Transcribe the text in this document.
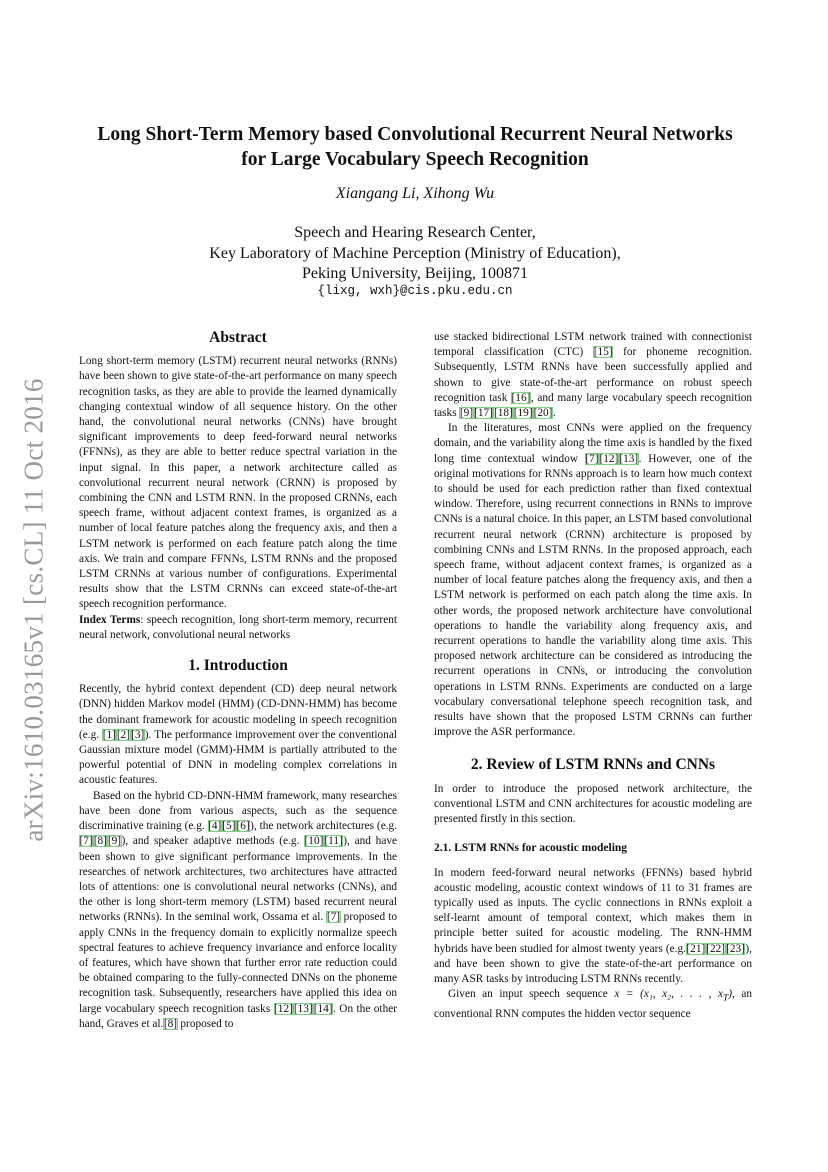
arXiv:1610.03165v1 [cs.CL] 11 Oct 2016
Long Short-Term Memory based Convolutional Recurrent Neural Networks
for Large Vocabulary Speech Recognition
Xiangang Li, Xihong Wu
Speech and Hearing Research Center,
Key Laboratory of Machine Perception (Ministry of Education),
Peking University, Beijing, 100871
{lixg, wxh}@cis.pku.edu.cn

Abstract

Long short-term memory (LSTM) recurrent neural networks (RNNs) have been shown to give state-of-the-art performance on many speech recognition tasks, as they are able to provide the learned dynamically changing contextual window of all sequence history. On the other hand, the convolutional neural networks (CNNs) have brought significant improvements to deep feed-forward neural networks (FFNNs), as they are able to better reduce spectral variation in the input signal. In this paper, a network architecture called as convolutional recurrent neural network (CRNN) is proposed by combining the CNN and LSTM RNN. In the proposed CRNNs, each speech frame, without adjacent context frames, is organized as a number of local feature patches along the frequency axis, and then a LSTM network is performed on each feature patch along the time axis. We train and compare FFNNs, LSTM RNNs and the proposed LSTM CRNNs at various number of configurations. Experimental results show that the LSTM CRNNs can exceed state-of-the-art speech recognition performance.

Index Terms: speech recognition, long short-term memory, recurrent neural network, convolutional neural networks

1. Introduction

Recently, the hybrid context dependent (CD) deep neural network (DNN) hidden Markov model (HMM) (CD-DNN-HMM) has become the dominant framework for acoustic modeling in speech recognition (e.g. [1][2][3]). The performance improvement over the conventional Gaussian mixture model (GMM)-HMM is partially attributed to the powerful potential of DNN in modeling complex correlations in acoustic features.

Based on the hybrid CD-DNN-HMM framework, many researches have been done from various aspects, such as the sequence discriminative training (e.g. [4][5][6]), the network architectures (e.g. [7][8][9]), and speaker adaptive methods (e.g. [10][11]), and have been shown to give significant performance improvements. In the researches of network architectures, two architectures have attracted lots of attentions: one is convolutional neural networks (CNNs), and the other is long short-term memory (LSTM) based recurrent neural networks (RNNs). In the seminal work, Ossama et al. [7] proposed to apply CNNs in the frequency domain to explicitly normalize speech spectral features to achieve frequency invariance and enforce locality of features, which have shown that further error rate reduction could be obtained comparing to the fully-connected DNNs on the phoneme recognition task. Subsequently, researchers have applied this idea on large vocabulary speech recognition tasks [12][13][14]. On the other hand, Graves et al.[8] proposed to

use stacked bidirectional LSTM network trained with connectionist temporal classification (CTC) [15] for phoneme recognition. Subsequently, LSTM RNNs have been successfully applied and shown to give state-of-the-art performance on robust speech recognition task [16], and many large vocabulary speech recognition tasks [9][17][18][19][20].

In the literatures, most CNNs were applied on the frequency domain, and the variability along the time axis is handled by the fixed long time contextual window [7][12][13]. However, one of the original motivations for RNNs approach is to learn how much context to should be used for each prediction rather than fixed contextual window. Therefore, using recurrent connections in RNNs to improve CNNs is a natural choice. In this paper, an LSTM based convolutional recurrent neural network (CRNN) architecture is proposed by combining CNNs and LSTM RNNs. In the proposed approach, each speech frame, without adjacent context frames, is organized as a number of local feature patches along the frequency axis, and then a LSTM network is performed on each patch along the time axis. In other words, the proposed network architecture have convolutional operations to handle the variability along frequency axis, and recurrent operations to handle the variability along time axis. This proposed network architecture can be considered as introducing the recurrent operations in CNNs, or introducing the convolution operations in LSTM RNNs. Experiments are conducted on a large vocabulary conversational telephone speech recognition task, and results have shown that the proposed LSTM CRNNs can further improve the ASR performance.

2. Review of LSTM RNNs and CNNs

In order to introduce the proposed network architecture, the conventional LSTM and CNN architectures for acoustic modeling are presented firstly in this section.

2.1. LSTM RNNs for acoustic modeling

In modern feed-forward neural networks (FFNNs) based hybrid acoustic modeling, acoustic context windows of 11 to 31 frames are typically used as inputs. The cyclic connections in RNNs exploit a self-learnt amount of temporal context, which makes them in principle better suited for acoustic modeling. The RNN-HMM hybrids have been studied for almost twenty years (e.g.[21][22][23]), and have been shown to give the state-of-the-art performance on many ASR tasks by introducing LSTM RNNs recently.

Given an input speech sequence x = (x₁, x₂, . . . , $x_T$), an conventional RNN computes the hidden vector sequence
